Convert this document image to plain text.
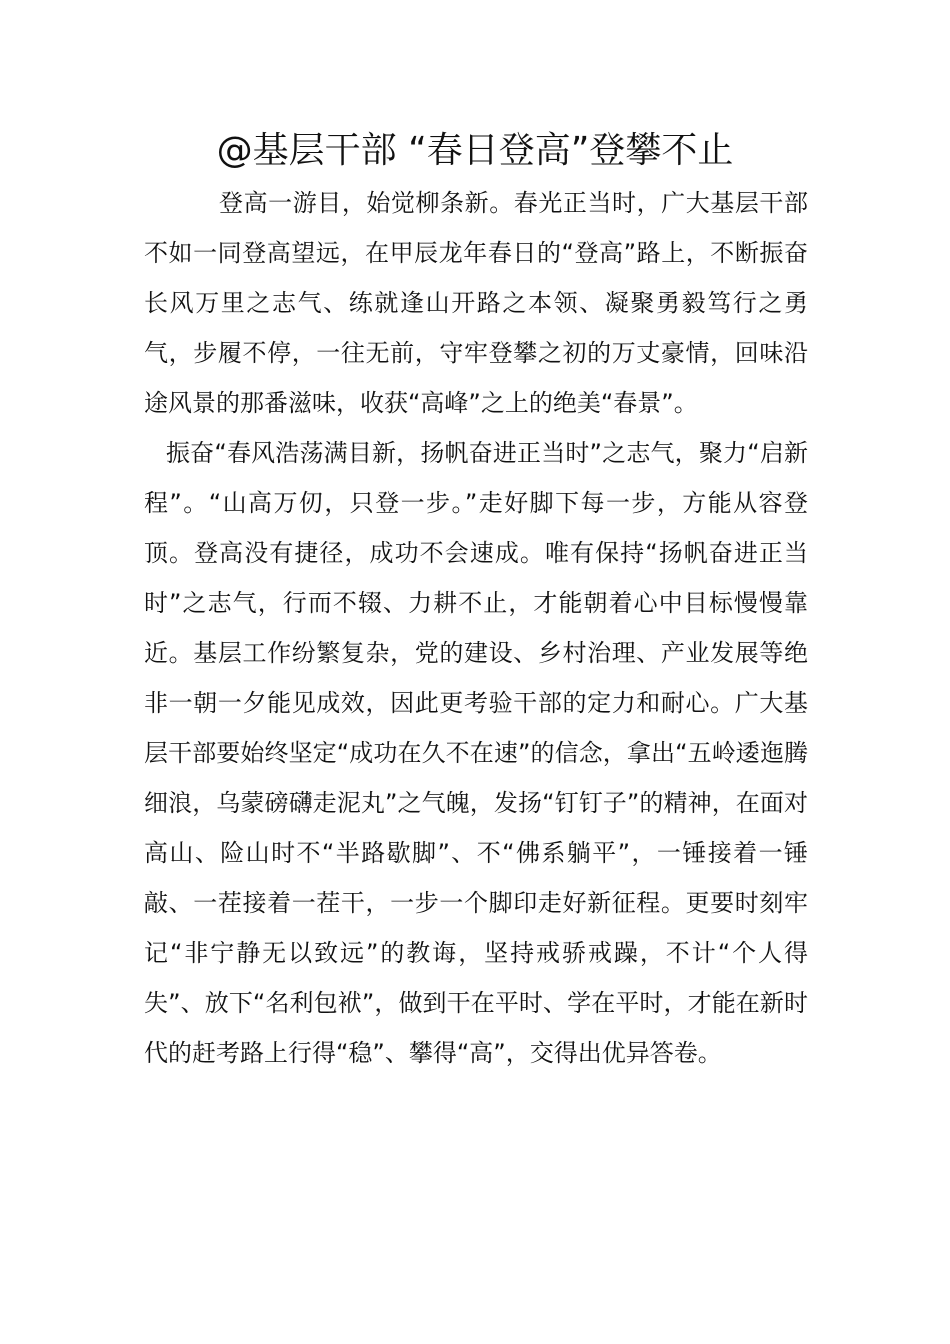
@基层干部 “春日登高”登攀不止

登高一游目，始觉柳条新。春光正当时，广大基层干部不如一同登高望远，在甲辰龙年春日的“登高”路上，不断振奋长风万里之志气、练就逢山开路之本领、凝聚勇毅笃行之勇气，步履不停，一往无前，守牢登攀之初的万丈豪情，回味沿途风景的那番滋味，收获“高峰”之上的绝美“春景”。

振奋“春风浩荡满目新，扬帆奋进正当时”之志气，聚力“启新程”。“山高万仞，只登一步。”走好脚下每一步，方能从容登顶。登高没有捷径，成功不会速成。唯有保持“扬帆奋进正当时”之志气，行而不辍、力耕不止，才能朝着心中目标慢慢靠近。基层工作纷繁复杂，党的建设、乡村治理、产业发展等绝非一朝一夕能见成效，因此更考验干部的定力和耐心。广大基层干部要始终坚定“成功在久不在速”的信念，拿出“五岭逶迤腾细浪，乌蒙磅礴走泥丸”之气魄，发扬“钉钉子”的精神，在面对高山、险山时不“半路歇脚”、不“佛系躺平”，一锤接着一锤敲、一茬接着一茬干，一步一个脚印走好新征程。更要时刻牢记“非宁静无以致远”的教诲，坚持戒骄戒躁，不计“个人得失”、放下“名利包袱”，做到干在平时、学在平时，才能在新时代的赶考路上行得“稳”、攀得“高”，交得出优异答卷。
